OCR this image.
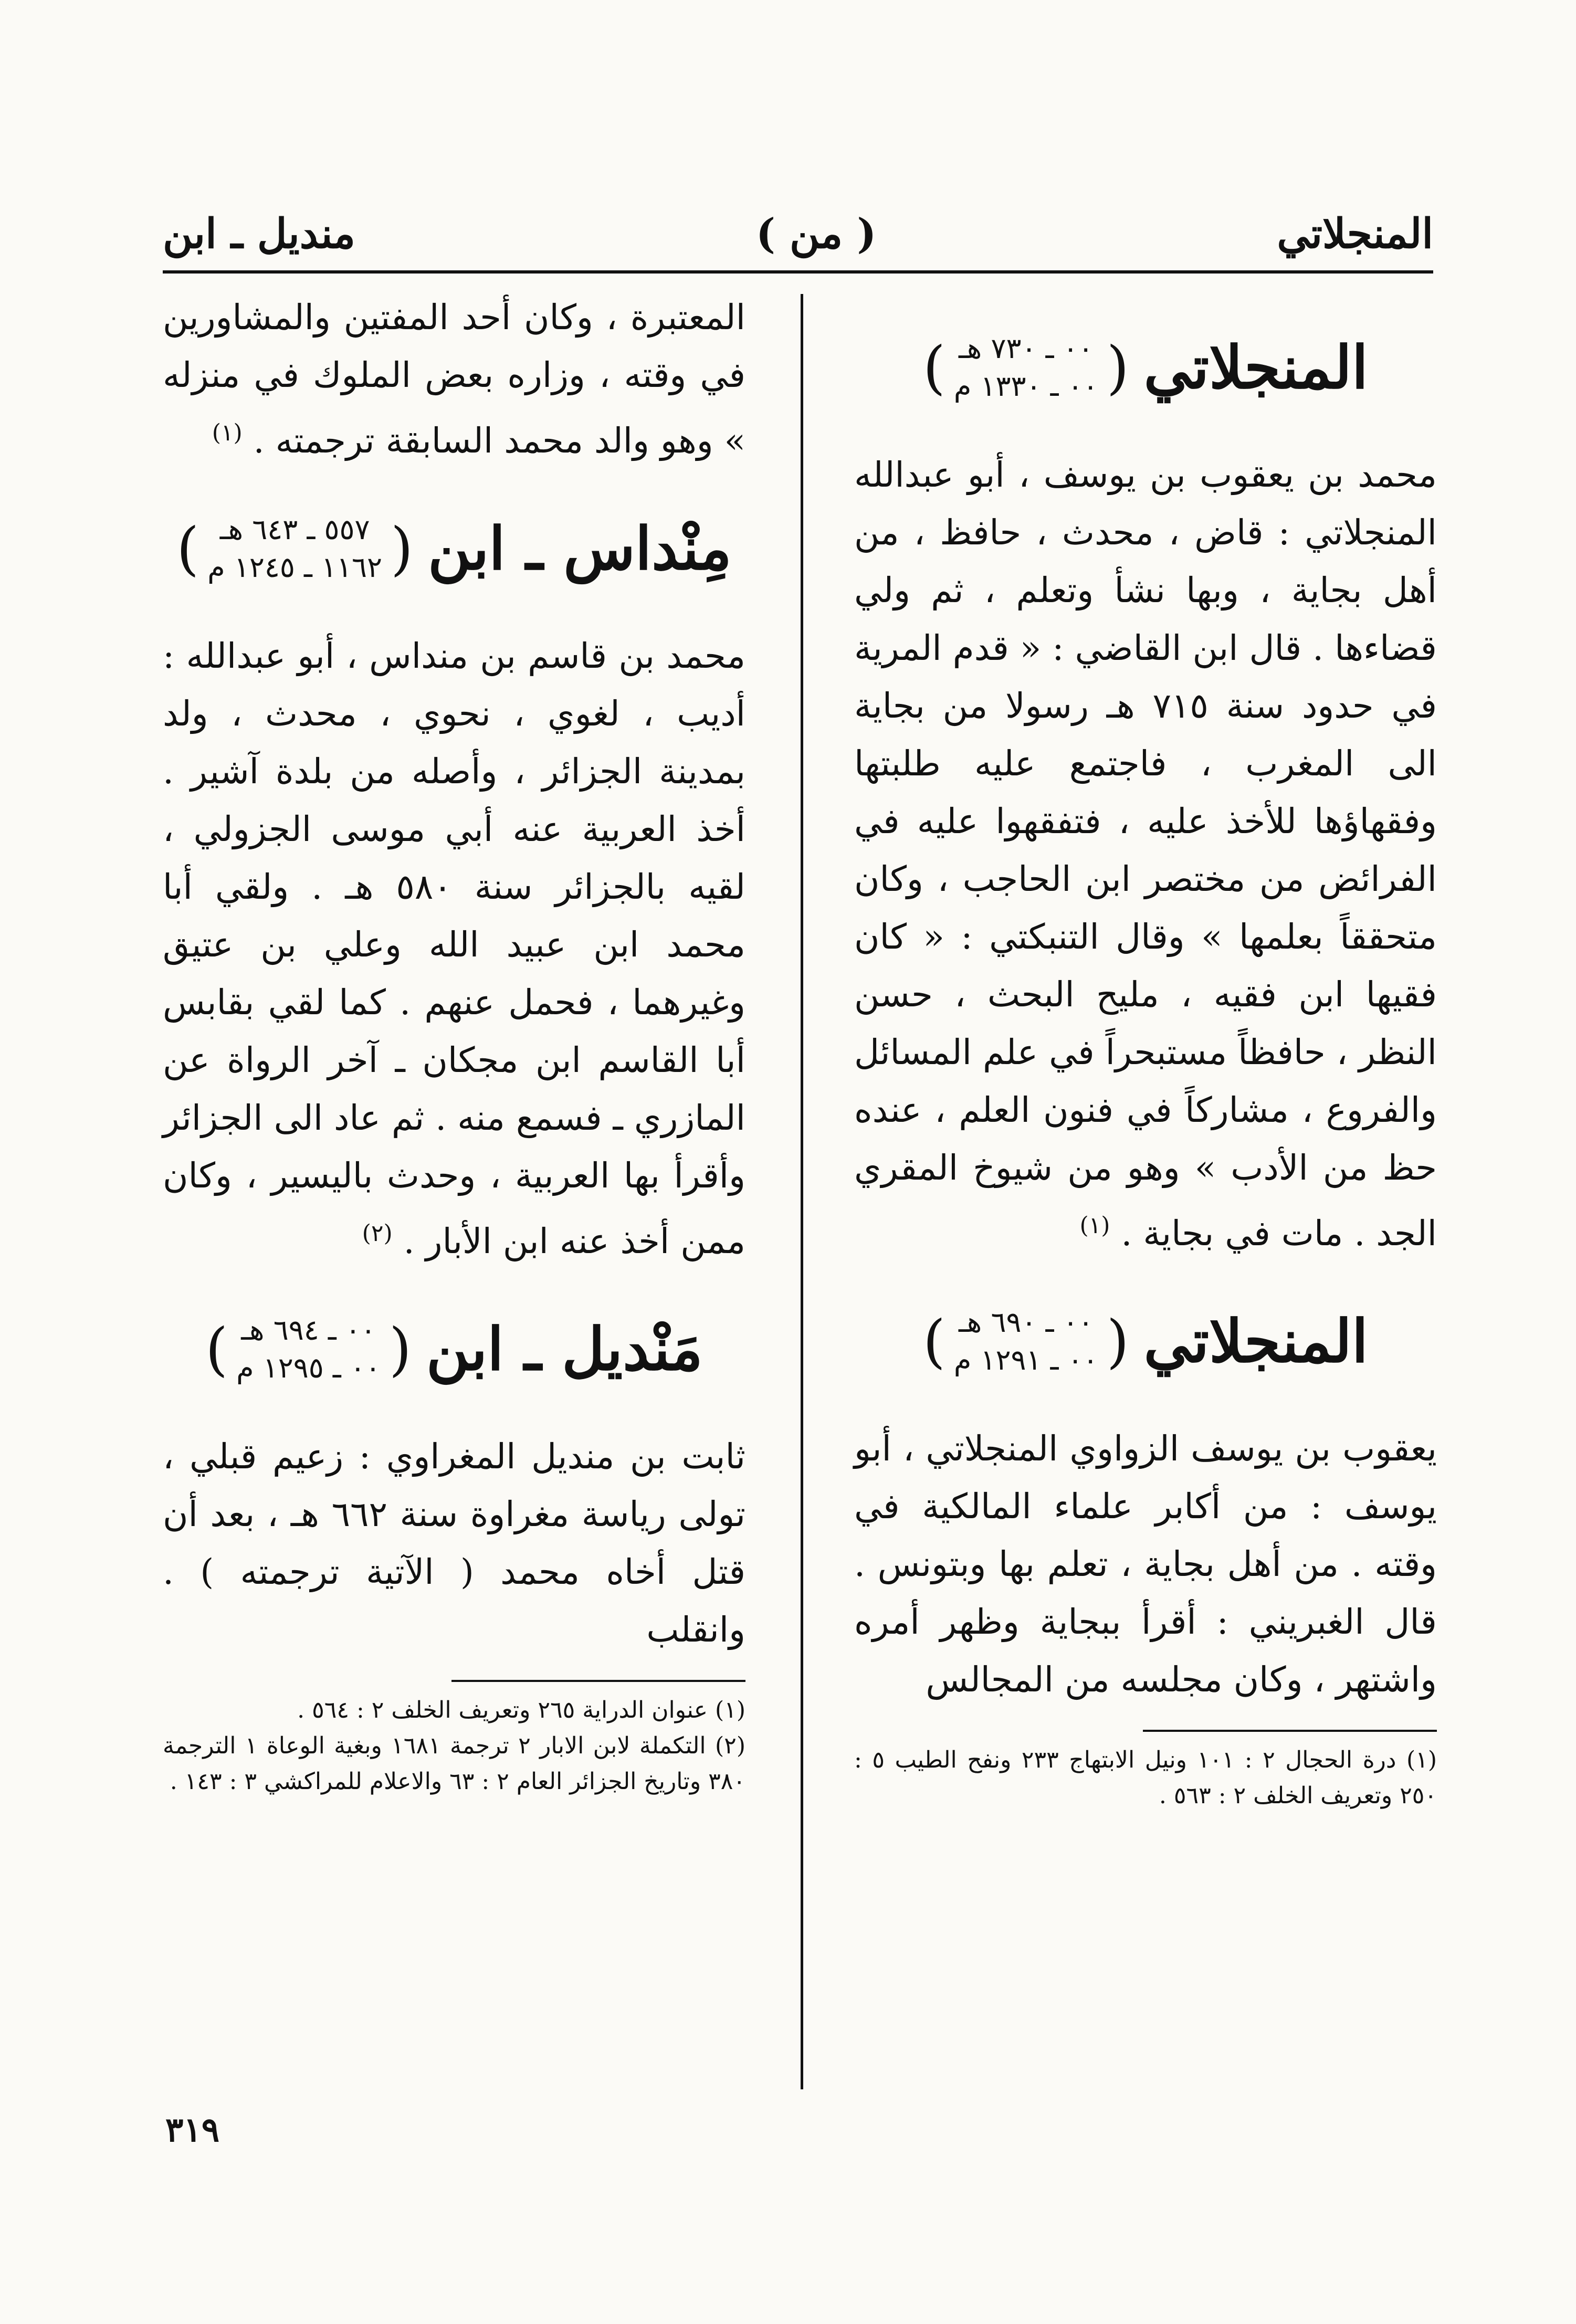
المنجلاتي
( من )
منديل ـ ابن
المنجلاتي
(
٠٠ ـ ٧٣٠ هـ
٠٠ ـ ١٣٣٠ م
)

محمد بن يعقوب بن يوسف ، أبو عبدالله المنجلاتي : قاض ، محدث ، حافظ ، من أهل بجاية ، وبها نشأ وتعلم ، ثم ولي قضاءها . قال ابن القاضي : « قدم المرية في حدود سنة ٧١٥ هـ رسولا من بجاية الى المغرب ، فاجتمع عليه طلبتها وفقهاؤها للأخذ عليه ، فتفقهوا عليه في الفرائض من مختصر ابن الحاجب ، وكان متحققاً بعلمها » وقال التنبكتي : « كان فقيها ابن فقيه ، مليح البحث ، حسن النظر ، حافظاً مستبحراً في علم المسائل والفروع ، مشاركاً في فنون العلم ، عنده حظ من الأدب » وهو من شيوخ المقري الجد . مات في بجاية . $^{(١)}$

المنجلاتي
(
٠٠ ـ ٦٩٠ هـ
٠٠ ـ ١٢٩١ م
)

يعقوب بن يوسف الزواوي المنجلاتي ، أبو يوسف : من أكابر علماء المالكية في وقته . من أهل بجاية ، تعلم بها وبتونس . قال الغبريني : أقرأ ببجاية وظهر أمره واشتهر ، وكان مجلسه من المجالس

(١) درة الحجال ٢ : ١٠١ ونيل الابتهاج ٢٣٣ ونفح الطيب ٥ : ٢٥٠ وتعريف الخلف ٢ : ٥٦٣ .

المعتبرة ، وكان أحد المفتين والمشاورين في وقته ، وزاره بعض الملوك في منزله » وهو والد محمد السابقة ترجمته . $^{(١)}$

مِنْداس ـ ابن
(
٥٥٧ ـ ٦٤٣ هـ
١١٦٢ ـ ١٢٤٥ م
)

محمد بن قاسم بن منداس ، أبو عبدالله : أديب ، لغوي ، نحوي ، محدث ، ولد بمدينة الجزائر ، وأصله من بلدة آشير . أخذ العربية عنه أبي موسى الجزولي ، لقيه بالجزائر سنة ٥٨٠ هـ . ولقي أبا محمد ابن عبيد الله وعلي بن عتيق وغيرهما ، فحمل عنهم . كما لقي بقابس أبا القاسم ابن مجكان ـ آخر الرواة عن المازري ـ فسمع منه . ثم عاد الى الجزائر وأقرأ بها العربية ، وحدث باليسير ، وكان ممن أخذ عنه ابن الأبار . $^{(٢)}$

مَنْديل ـ ابن
(
٠٠ ـ ٦٩٤ هـ
٠٠ ـ ١٢٩٥ م
)

ثابت بن منديل المغراوي : زعيم قبلي ، تولى رياسة مغراوة سنة ٦٦٢ هـ ، بعد أن قتل أخاه محمد ( الآتية ترجمته ) . وانقلب

(١) عنوان الدراية ٢٦٥ وتعريف الخلف ٢ : ٥٦٤ .

(٢) التكملة لابن الابار ٢ ترجمة ١٦٨١ وبغية الوعاة ١ الترجمة ٣٨٠ وتاريخ الجزائر العام ٢ : ٦٣ والاعلام للمراكشي ٣ : ١٤٣ .

٣١٩
